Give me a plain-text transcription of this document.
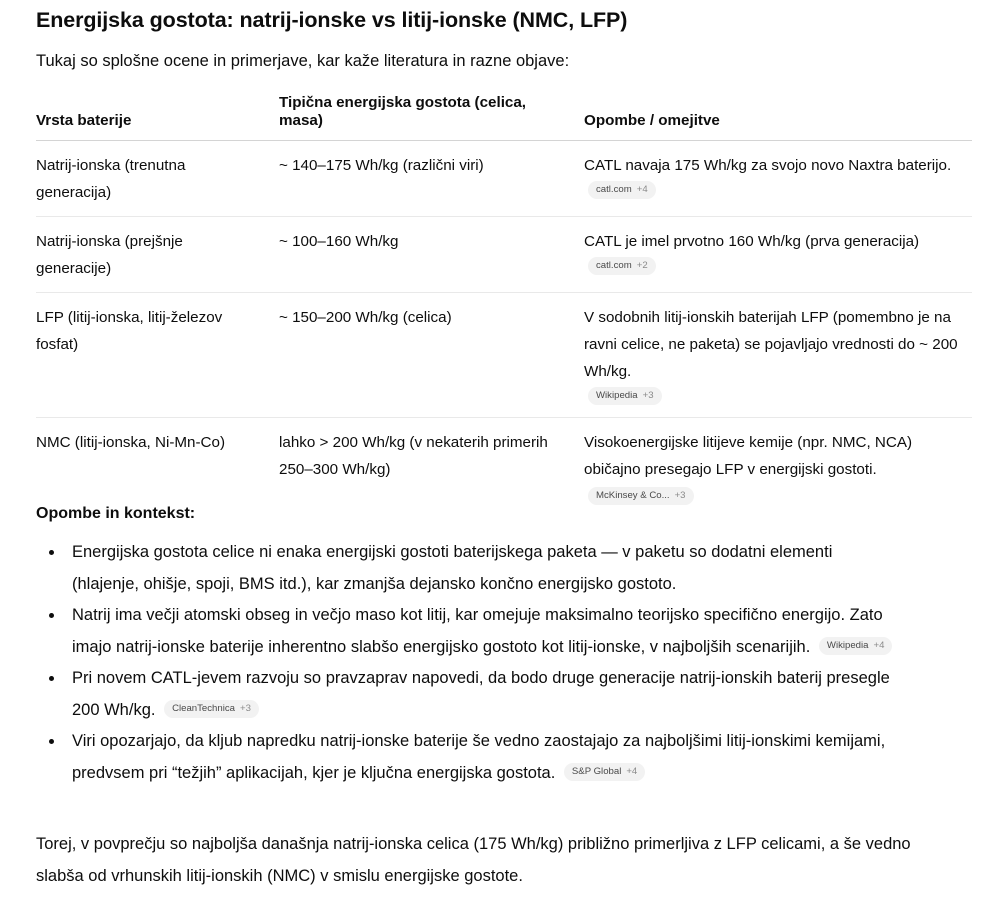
Energijska gostota: natrij-ionske vs litij-ionske (NMC, LFP)

Tukaj so splošne ocene in primerjave, kar kaže literatura in razne objave:

Vrsta baterije	Tipična energijska gostota (celica, masa)	Opombe / omejitve
Natrij-ionska (trenutna generacija)	~ 140–175 Wh/kg (različni viri)	CATL navaja 175 Wh/kg za svojo novo Naxtra baterijo.
catl.com +4

Natrij-ionska (prejšnje generacije)	~ 100–160 Wh/kg	CATL je imel prvotno 160 Wh/kg (prva generacija)
catl.com +2

LFP (litij-ionska, litij-železov fosfat)	~ 150–200 Wh/kg (celica)	V sodobnih litij-ionskih baterijah LFP (pomembno je na ravni celice, ne paketa) se pojavljajo vrednosti do ~ 200 Wh/kg.
Wikipedia +3

NMC (litij-ionska, Ni-Mn-Co)	lahko > 200 Wh/kg (v nekaterih primerih 250–300 Wh/kg)	Visokoenergijske litijeve kemije (npr. NMC, NCA) običajno presegajo LFP v energijski gostoti. McKinsey & Co... +3
Opombe in kontekst:
Energijska gostota celice ni enaka energijski gostoti baterijskega paketa — v paketu so dodatni elementi (hlajenje, ohišje, spoji, BMS itd.), kar zmanjša dejansko končno energijsko gostoto.
Natrij ima večji atomski obseg in večjo maso kot litij, kar omejuje maksimalno teorijsko specifično energijo. Zato imajo natrij-ionske baterije inherentno slabšo energijsko gostoto kot litij-ionske, v najboljših scenarijih. Wikipedia +4
Pri novem CATL-jevem razvoju so pravzaprav napovedi, da bodo druge generacije natrij-ionskih baterij presegle 200 Wh/kg. CleanTechnica +3
Viri opozarjajo, da kljub napredku natrij-ionske baterije še vedno zaostajajo za najboljšimi litij-ionskimi kemijami, predvsem pri “težjih” aplikacijah, kjer je ključna energijska gostota. S&P Global +4

Torej, v povprečju so najboljša današnja natrij-ionska celica (175 Wh/kg) približno primerljiva z LFP celicami, a še vedno slabša od vrhunskih litij-ionskih (NMC) v smislu energijske gostote.
